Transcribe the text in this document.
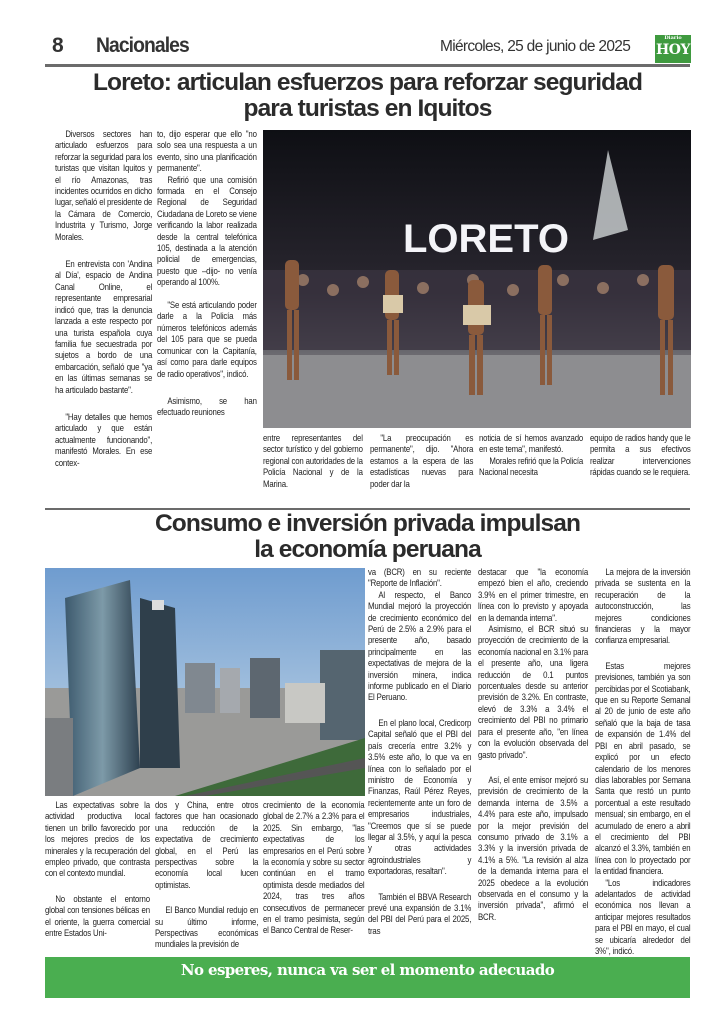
8 Nacionales	Miércoles, 25 de junio de 2025	Diario
HOY
Loreto: articulan esfuerzos para reforzar seguridad
para turistas en Iquitos

Diversos sectores han articulado esfuerzos para reforzar la seguridad para los turistas que visitan Iquitos y el río Amazonas, tras incidentes ocurridos en dicho lugar, señaló el presidente de la Cámara de Comercio, Industrita y Turismo, Jorge Morales.

En entrevista con 'Andina al Día', espacio de Andina Canal Online, el representante empresarial indicó que, tras la denuncia lanzada a este respecto por una turista española cuya familia fue secuestrada por sujetos a bordo de una embarcación, señaló que "ya en las últimas semanas se ha articulado bastante".

"Hay detalles que hemos articulado y que están actualmente funcionando", manifestó Morales. En ese contex-

to, dijo esperar que ello "no solo sea una respuesta a un evento, sino una planificación permanente".

Refirió que una comisión formada en el Consejo Regional de Seguridad Ciudadana de Loreto se viene verificando la labor realizada desde la central telefónica 105, destinada a la atención policial de emergencias, puesto que –dijo- no venía operando al 100%.

"Se está articulando poder darle a la Policía más números telefónicos además del 105 para que se pueda comunicar con la Capitanía, así como para darle equipos de radio operativos", indicó.

Asimismo, se han efectuado reuniones

LORETO

entre representantes del sector turístico y del gobierno regional con autoridades de la Policía Nacional y de la Marina.

"La preocupación es permanente", dijo. "Ahora estamos a la espera de las estadísticas nuevas para poder dar la

noticia de sí hemos avanzado en este tema", manifestó.

Morales refirió que la Policía Nacional necesita

equipo de radios handy que le permita a sus efectivos realizar intervenciones rápidas cuando se le requiera.

Consumo e inversión privada impulsan
la economía peruana

Las expectativas sobre la actividad productiva local tienen un brillo favorecido por los mejores precios de los minerales y la recuperación del empleo privado, que contrasta con el contexto mundial.

No obstante el entorno global con tensiones bélicas en el oriente, la guerra comercial entre Estados Uni-

dos y China, entre otros factores que han ocasionado una reducción de la expectativa de crecimiento global, en el Perú las perspectivas sobre la economía local lucen optimistas.

El Banco Mundial redujo en su último informe, Perspectivas económicas mundiales la previsión de

crecimiento de la economía global de 2.7% a 2.3% para el 2025. Sin embargo, "las expectativas de los empresarios en el Perú sobre la economía y sobre su sector continúan en el tramo optimista desde mediados del 2024, tras tres años consecutivos de permanecer en el tramo pesimista, según el Banco Central de Reser-

va (BCR) en su reciente "Reporte de Inflación".

Al respecto, el Banco Mundial mejoró la proyección de crecimiento económico del Perú de 2.5% a 2.9% para el presente año, basado principalmente en las expectativas de mejora de la inversión minera, indica informe publicado en el Diario El Peruano.

En el plano local, Credicorp Capital señaló que el PBI del país crecería entre 3.2% y 3.5% este año, lo que va en línea con lo señalado por el ministro de Economía y Finanzas, Raúl Pérez Reyes, recientemente ante un foro de empresarios industriales, "Creemos que sí se puede llegar al 3.5%, y aquí la pesca y otras actividades agroindustriales y exportadoras, resaltan".

También el BBVA Research prevé una expansión de 3.1% del PBI del Perú para el 2025, tras

destacar que "la economía empezó bien el año, creciendo 3.9% en el primer trimestre, en línea con lo previsto y apoyada en la demanda interna".

Asimismo, el BCR situó su proyección de crecimiento de la economía nacional en 3.1% para el presente año, una ligera reducción de 0.1 puntos porcentuales desde su anterior previsión de 3.2%. En contraste, elevó de 3.3% a 3.4% el crecimiento del PBI no primario para el presente año, "en línea con la evolución observada del gasto privado".

Así, el ente emisor mejoró su previsión de crecimiento de la demanda interna de 3.5% a 4.4% para este año, impulsado por la mejor previsión del consumo privado de 3.1% a 3.3% y la inversión privada de 4.1% a 5%. "La revisión al alza de la demanda interna para el 2025 obedece a la evolución observada en el consumo y la inversión privada", afirmó el BCR.

La mejora de la inversión privada se sustenta en la recuperación de la autoconstrucción, las mejores condiciones financieras y la mayor confianza empresarial.

Estas mejores previsiones, también ya son percibidas por el Scotiabank, que en su Reporte Semanal al 20 de junio de este año señaló que la baja de tasa de expansión de 1.4% del PBI en abril pasado, se explicó por un efecto calendario de los menores días laborables por Semana Santa que restó un punto porcentual a este resultado mensual; sin embargo, en el acumulado de enero a abril el crecimiento del PBI alcanzó el 3.3%, también en línea con lo proyectado por la entidad financiera.

"Los indicadores adelantados de actividad económica nos llevan a anticipar mejores resultados para el PBI en mayo, el cual se ubicaría alrededor del 3%", indicó.

No esperes, nunca va ser el momento adecuado
